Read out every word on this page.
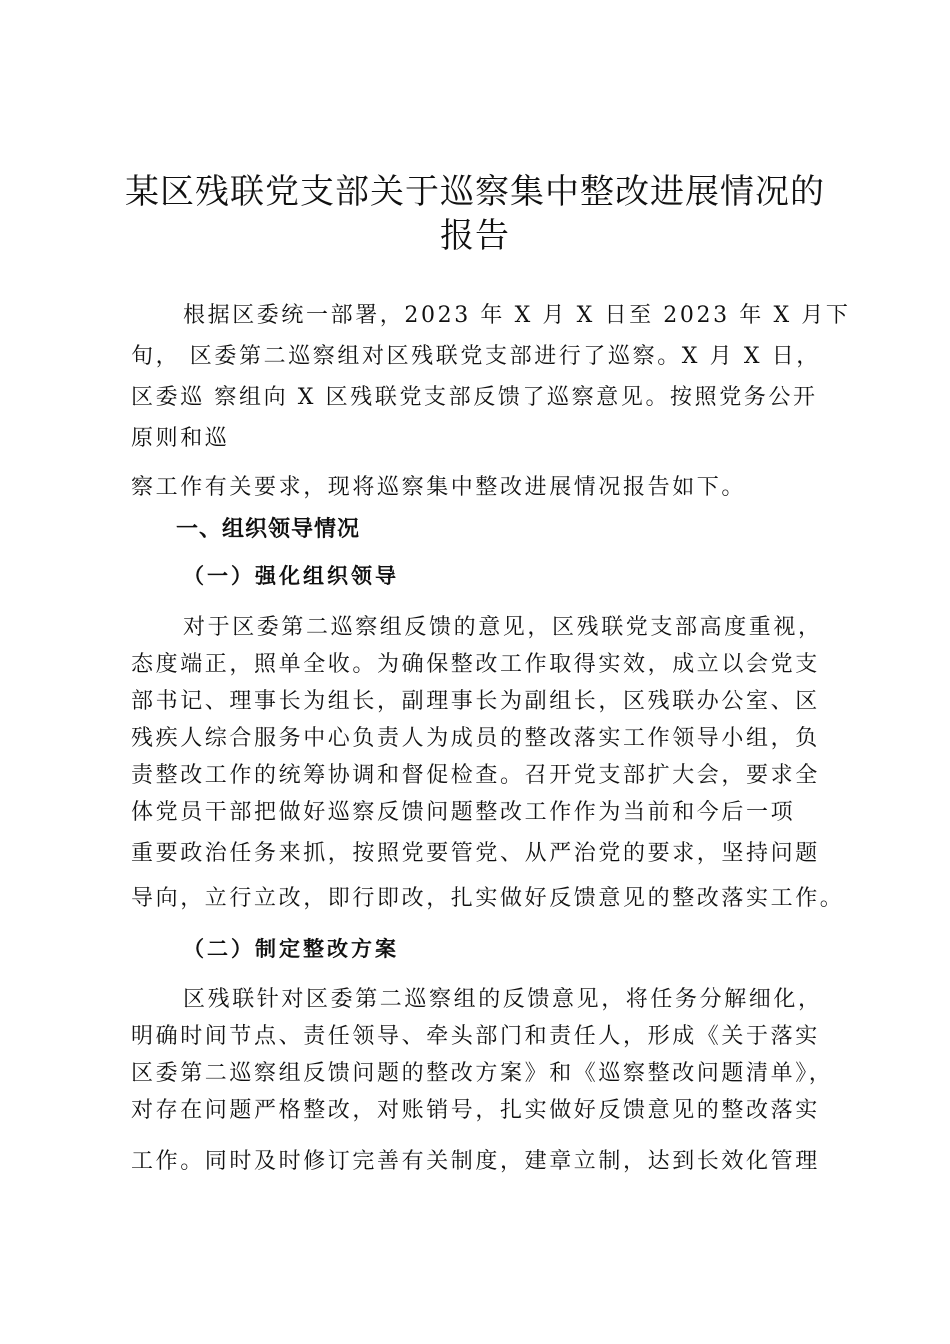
某区残联党支部关于巡察集中整改进展情况的
报告
根据区委统一部署，2023 年 X 月 X 日至 2023 年 X 月下
旬， 区委第二巡察组对区残联党支部进行了巡察。X 月 X 日，
区委巡 察组向 X 区残联党支部反馈了巡察意见。按照党务公开
原则和巡
察工作有关要求，现将巡察集中整改进展情况报告如下。
一、组织领导情况
（一）强化组织领导
对于区委第二巡察组反馈的意见，区残联党支部高度重视，
态度端正，照单全收。为确保整改工作取得实效，成立以会党支
部书记、理事长为组长，副理事长为副组长，区残联办公室、区
残疾人综合服务中心负责人为成员的整改落实工作领导小组，负
责整改工作的统筹协调和督促检查。召开党支部扩大会，要求全
体党员干部把做好巡察反馈问题整改工作作为当前和今后一项
重要政治任务来抓，按照党要管党、从严治党的要求，坚持问题
导向，立行立改，即行即改，扎实做好反馈意见的整改落实工作。
（二）制定整改方案
区残联针对区委第二巡察组的反馈意见，将任务分解细化，
明确时间节点、责任领导、牵头部门和责任人，形成《关于落实
区委第二巡察组反馈问题的整改方案》和《巡察整改问题清单》，
对存在问题严格整改，对账销号，扎实做好反馈意见的整改落实
工作。同时及时修订完善有关制度，建章立制，达到长效化管理
